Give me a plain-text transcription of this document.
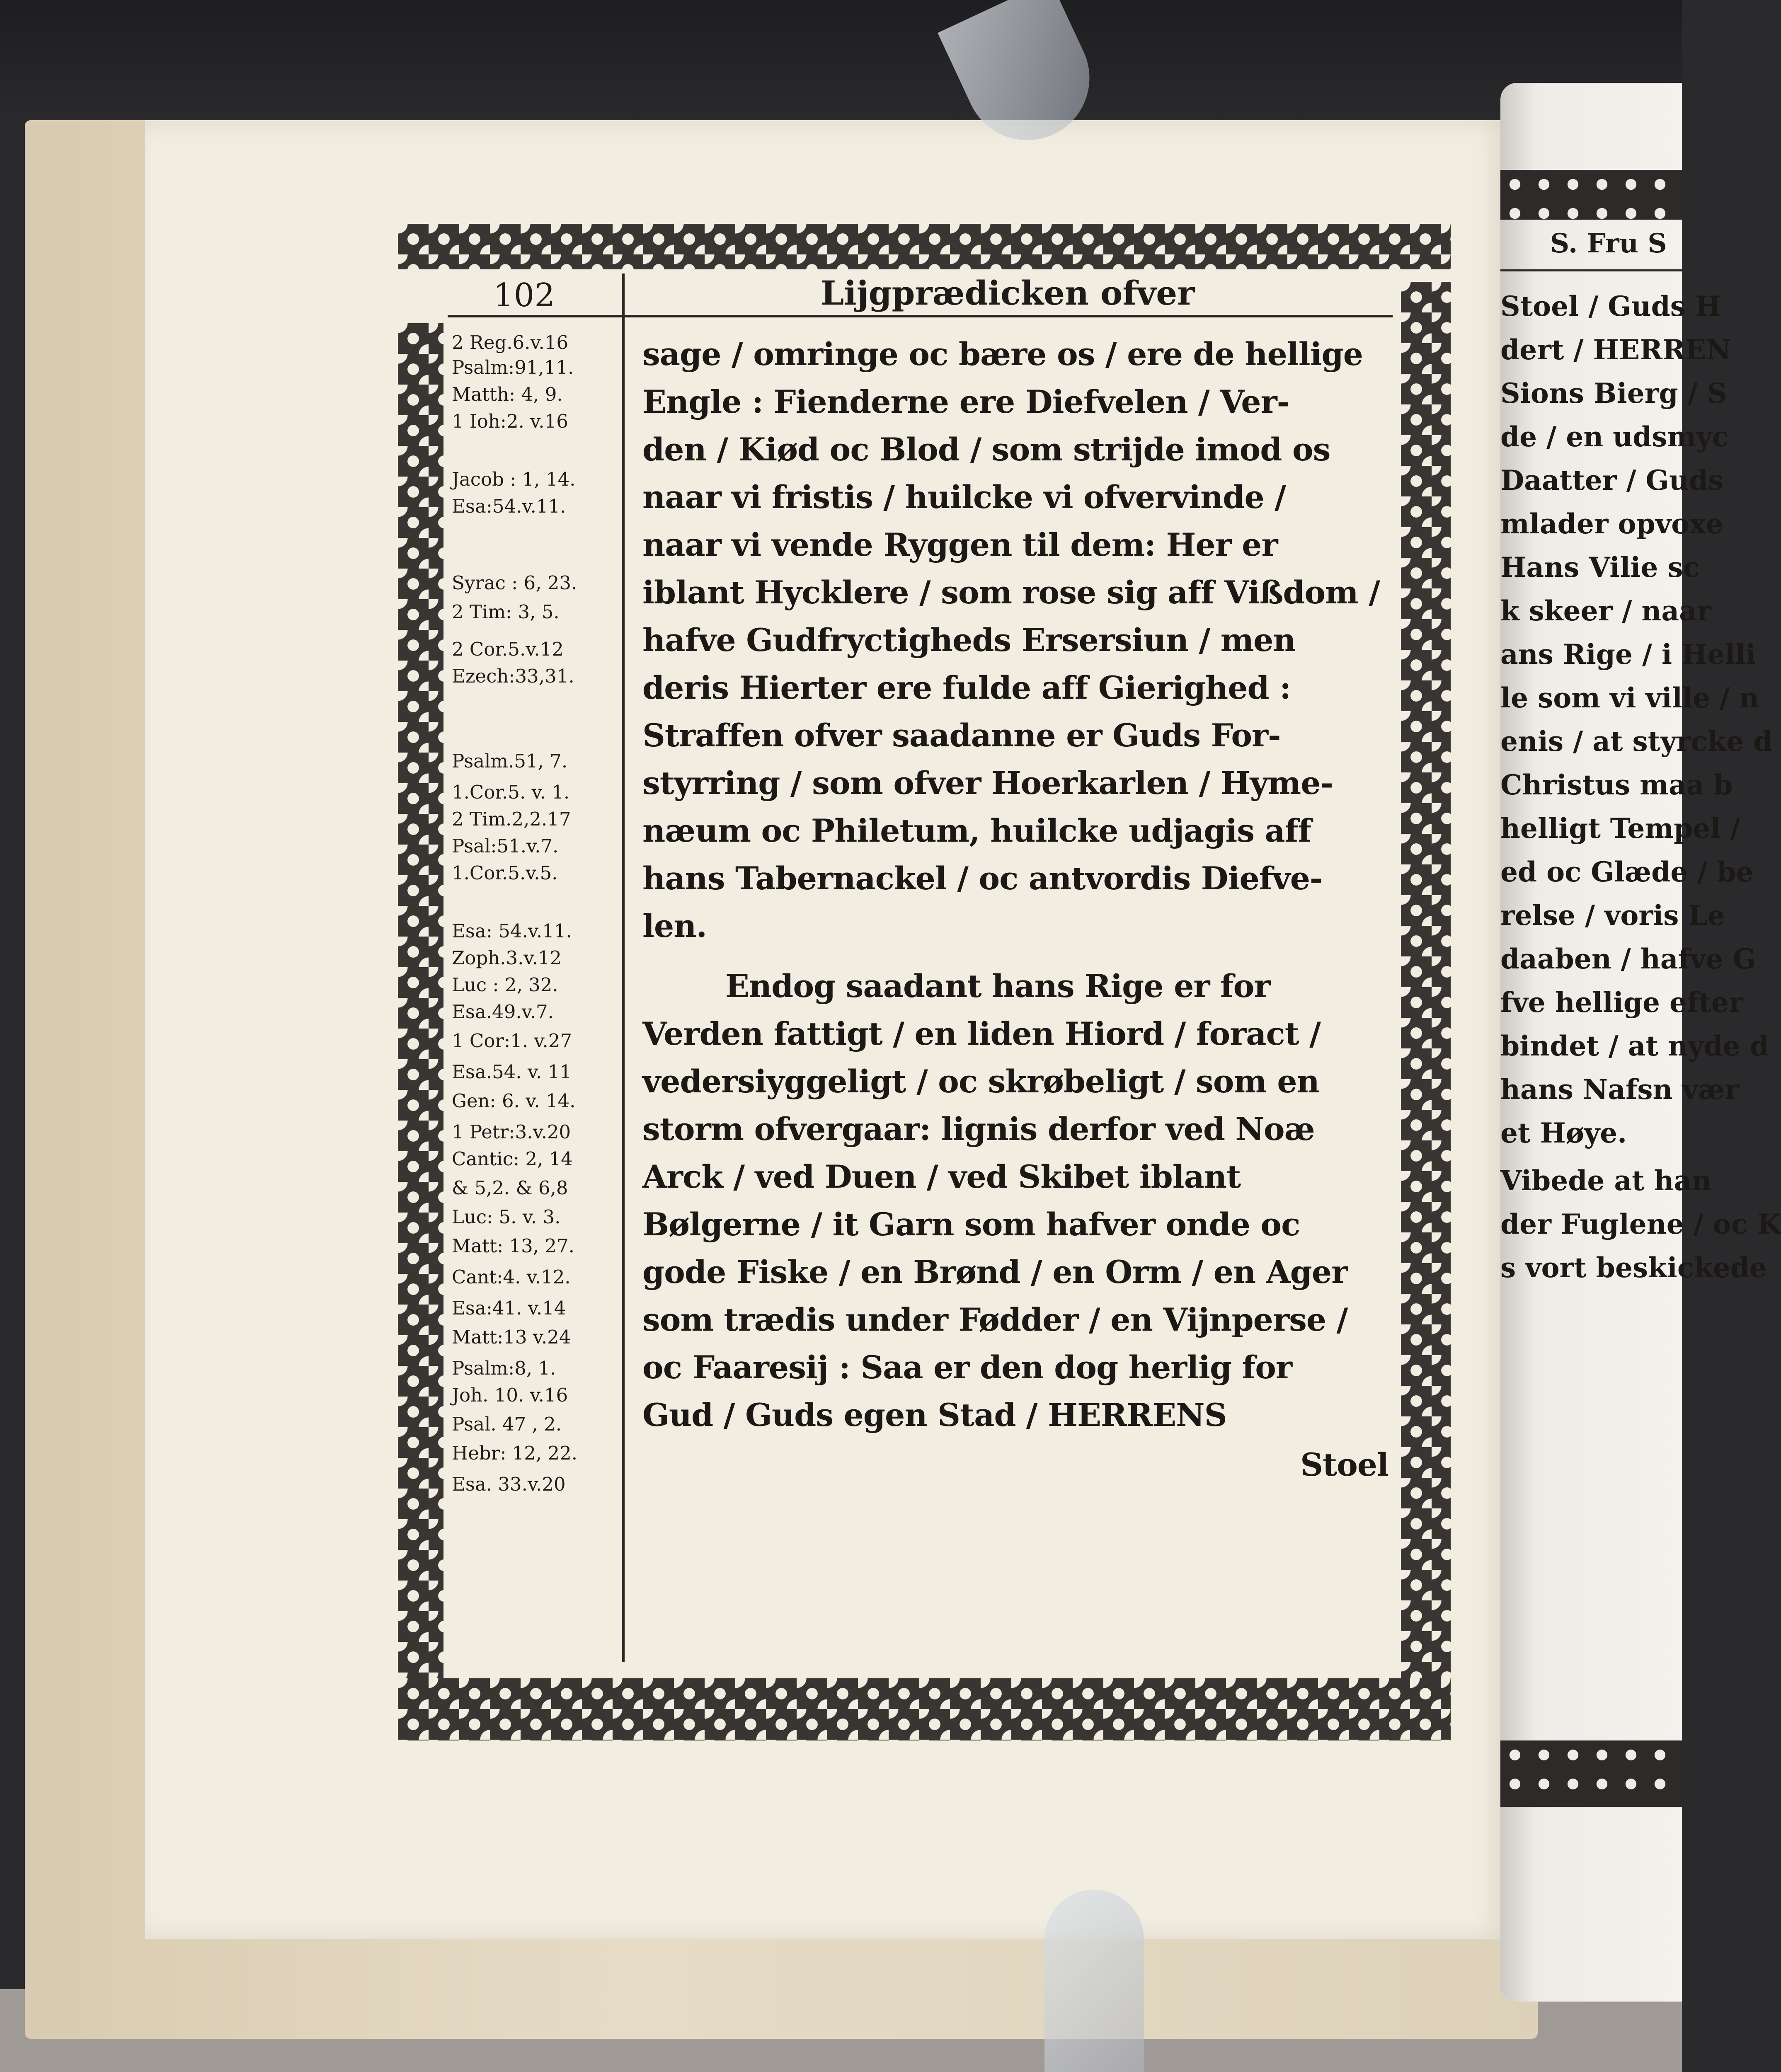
102	Lijgprædicken ofver
2 Reg.6.v.16
Psalm:91,11.
Matth: 4, 9.
1 Ioh:2. v.16
Jacob : 1, 14.
Esa:54.v.11.
Syrac : 6, 23.
2 Tim: 3, 5.
2 Cor.5.v.12
Ezech:33,31.
Psalm.51, 7.
1.Cor.5. v. 1.
2 Tim.2,2.17
Psal:51.v.7.
1.Cor.5.v.5.
Esa: 54.v.11.
Zoph.3.v.12
Luc : 2, 32.
Esa.49.v.7.
1 Cor:1. v.27
Esa.54. v. 11
Gen: 6. v. 14.
1 Petr:3.v.20
Cantic: 2, 14
& 5,2. & 6,8
Luc: 5. v. 3.
Matt: 13, 27.
Cant:4. v.12.
Esa:41. v.14
Matt:13 v.24
Psalm:8, 1.
Joh. 10. v.16
Psal. 47 , 2.
Hebr: 12, 22.
Esa. 33.v.20
sage / omringe oc bære os / ere de hellige
Engle : Fienderne ere Diefvelen / Ver-
den / Kiød oc Blod / som strijde imod os
naar vi fristis / huilcke vi ofvervinde /
naar vi vende Ryggen til dem: Her er
iblant Hycklere / som rose sig aff Vißdom /
hafve Gudfryctigheds Ersersiun / men
deris Hierter ere fulde aff Gierighed :
Straffen ofver saadanne er Guds For-
styrring / som ofver Hoerkarlen / Hyme-
næum oc Philetum, huilcke udjagis aff
hans Tabernackel / oc antvordis Diefve-
len.
Endog saadant hans Rige er for
Verden fattigt / en liden Hiord / foract /
vedersiyggeligt / oc skrøbeligt / som en
storm ofvergaar: lignis derfor ved Noæ
Arck / ved Duen / ved Skibet iblant
Bølgerne / it Garn som hafver onde oc
gode Fiske / en Brønd / en Orm / en Ager
som trædis under Fødder / en Vijnperse /
oc Faaresij : Saa er den dog herlig for
Gud / Guds egen Stad / HERRENS
Stoel
S. Fru S
Stoel / Guds H
dert / HERREN
Sions Bierg / S
de / en udsmyc
Daatter / Guds
mlader opvoxe
Hans Vilie sc
k skeer / naar
ans Rige / i Helli
le som vi ville / n
enis / at styrcke d
Christus maa b
helligt Tempel /
ed oc Glæde / be
relse / voris Le
daaben / hafve G
fve hellige efter
bindet / at nyde d
hans Nafsn vær
et Høye.
Vibede at han
der Fuglene / oc K
s vort beskickede
